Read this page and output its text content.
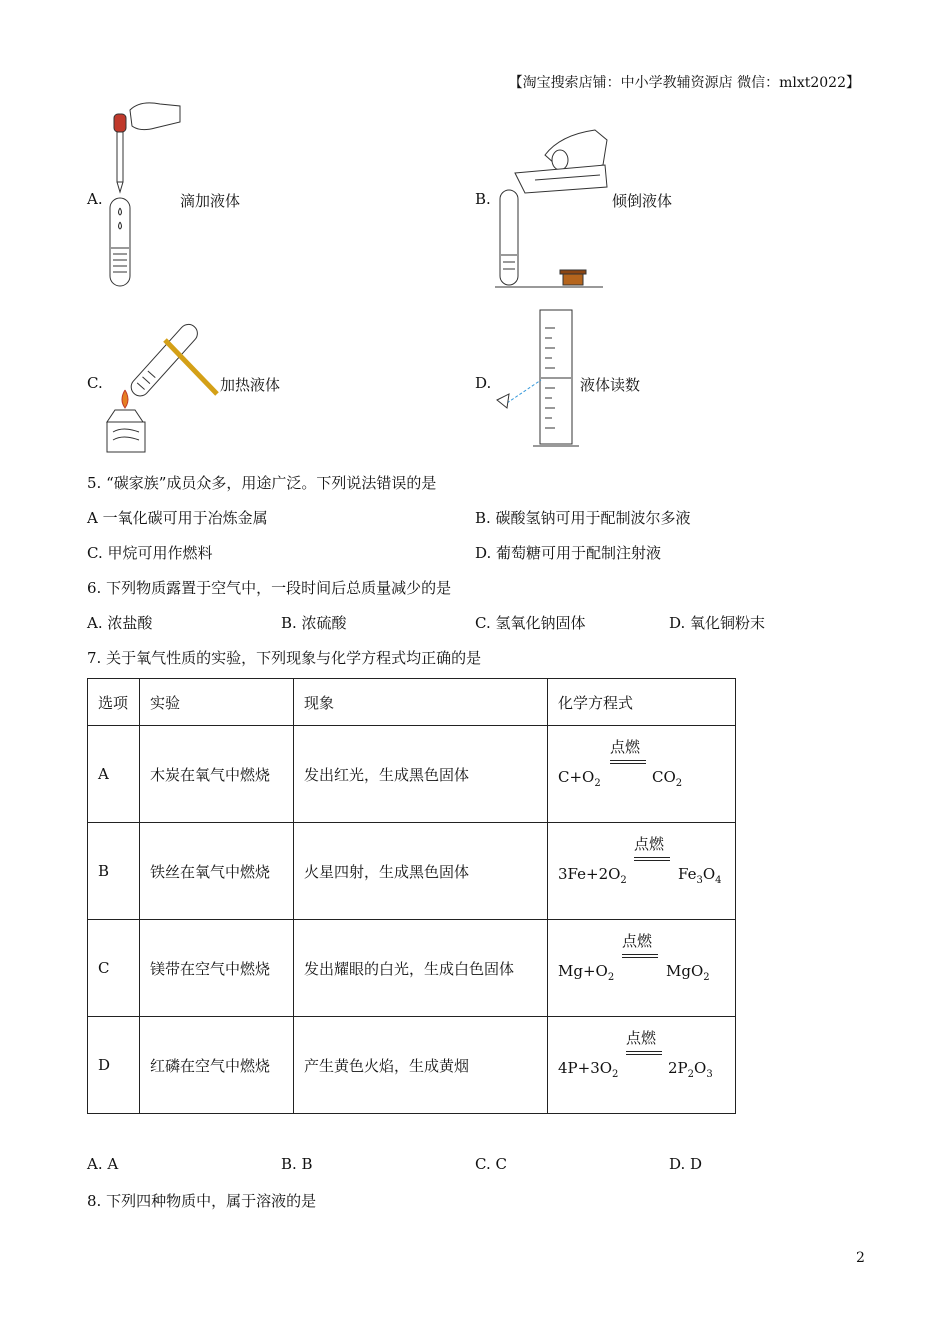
【淘宝搜索店铺：中小学教辅资源店 微信：mlxt2022】
A.	滴加液体	B.	倾倒液体
C.	加热液体	D.	液体读数
5. “碳家族”成员众多，用途广泛。下列说法错误的是
A 一氧化碳可用于冶炼金属	B. 碳酸氢钠可用于配制波尔多液
C. 甲烷可用作燃料	D. 葡萄糖可用于配制注射液
6. 下列物质露置于空气中，一段时间后总质量减少的是
A. 浓盐酸	B. 浓硫酸	C. 氢氧化钠固体	D. 氧化铜粉末
7. 关于氧气性质的实验，下列现象与化学方程式均正确的是
选项	实验	现象	化学方程式
A	木炭在氧气中燃烧	发出红光，生成黑色固体	点燃
$C+O_2$ $CO_2$

B	铁丝在氧气中燃烧	火星四射，生成黑色固体	点燃
$3Fe+2O_2$ $Fe_3O_4$

C	镁带在空气中燃烧	发出耀眼的白光，生成白色固体	点燃
$Mg+O_2$ MgO$_2$

D	红磷在空气中燃烧	产生黄色火焰，生成黄烟	点燃
$4P+3O_2$ $2P_2O_3$
A. A	B. B	C. C	D. D
8. 下列四种物质中，属于溶液的是
2
